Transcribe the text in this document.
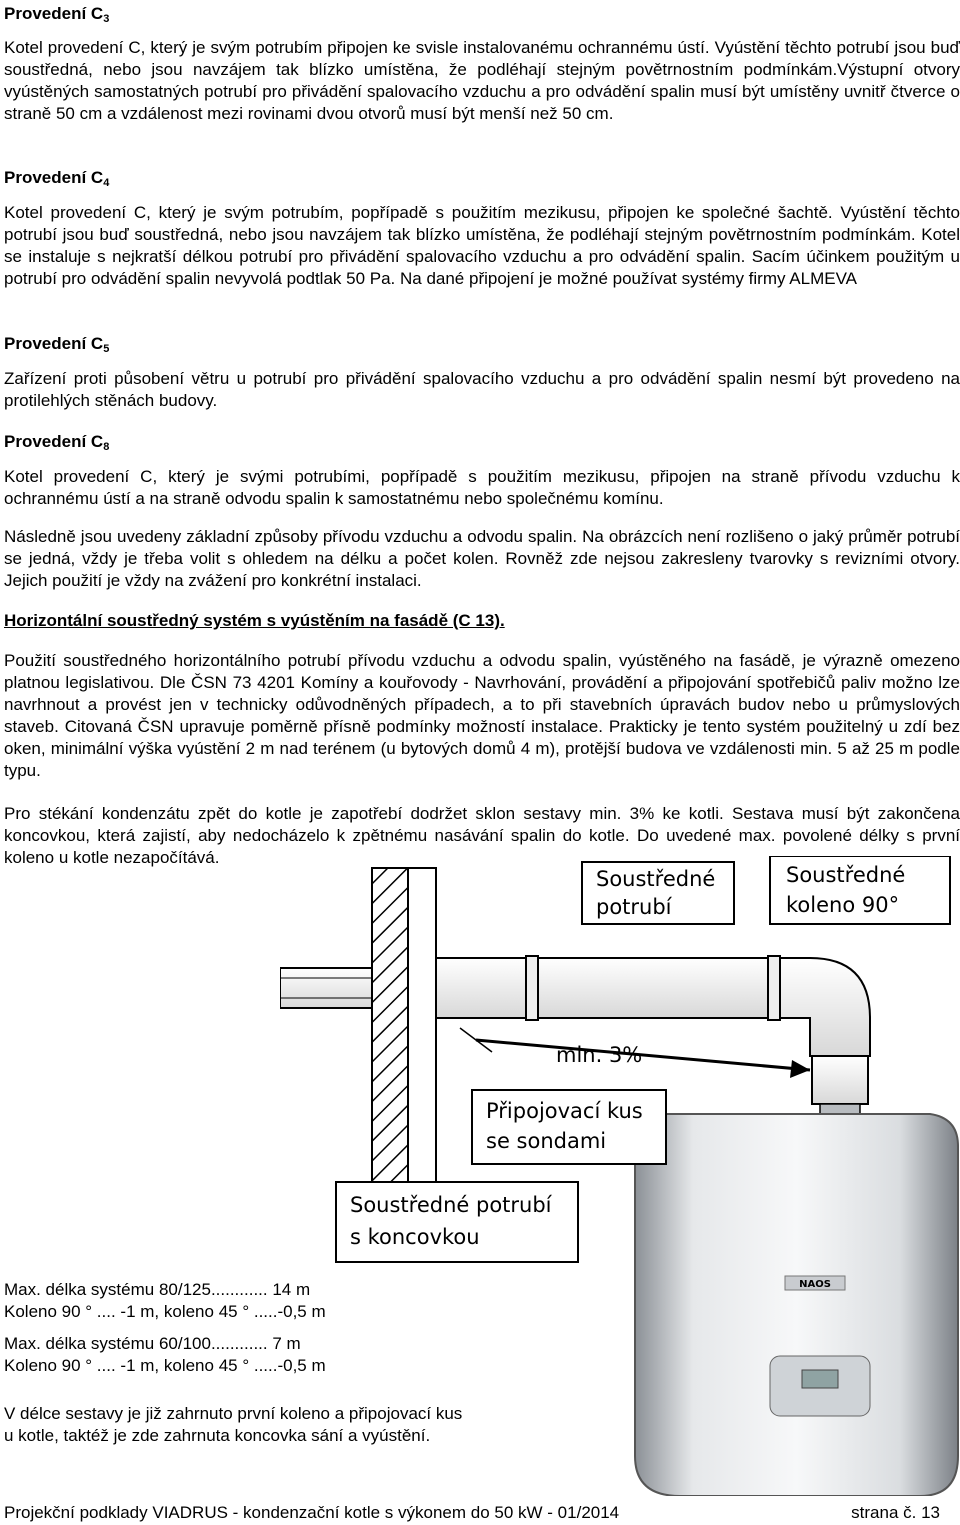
Provedení $C_3$
Kotel provedení C, který je svým potrubím připojen ke svisle instalovanému ochrannému ústí. Vyústění těchto potrubí jsou buď soustředná, nebo jsou navzájem tak blízko umístěna, že podléhají stejným povětrnostním podmínkám.Výstupní otvory vyústěných samostatných potrubí pro přivádění spalovacího vzduchu a pro odvádění spalin musí být umístěny uvnitř čtverce o straně 50 cm a vzdálenost mezi rovinami dvou otvorů musí být menší než 50 cm.
Provedení $C_4$
Kotel provedení C, který je svým potrubím, popřípadě s použitím mezikusu, připojen ke společné šachtě. Vyústění těchto potrubí jsou buď soustředná, nebo jsou navzájem tak blízko umístěna, že podléhají stejným povětrnostním podmínkám. Kotel se instaluje s nejkratší délkou potrubí pro přivádění spalovacího vzduchu a pro odvádění spalin. Sacím účinkem použitým u potrubí pro odvádění spalin nevyvolá podtlak 50 Pa. Na dané připojení je možné používat systémy firmy ALMEVA
Provedení $C_5$
Zařízení proti působení větru u potrubí pro přivádění spalovacího vzduchu a pro odvádění spalin nesmí být provedeno na protilehlých stěnách budovy.
Provedení $C_8$
Kotel provedení C, který je svými potrubími, popřípadě s použitím mezikusu, připojen na straně přívodu vzduchu k ochrannému ústí a na straně odvodu spalin k samostatnému nebo společnému komínu.
Následně jsou uvedeny základní způsoby přívodu vzduchu a odvodu spalin. Na obrázcích není rozlišeno o jaký průměr potrubí se jedná, vždy je třeba volit s ohledem na délku a počet kolen. Rovněž zde nejsou zakresleny tvarovky s revizními otvory. Jejich použití je vždy na zvážení pro konkrétní instalaci.
Horizontální soustředný systém s vyústěním na fasádě (C 13).
Použití soustředného horizontálního potrubí přívodu vzduchu a odvodu spalin, vyústěného na fasádě, je výrazně omezeno platnou legislativou. Dle ČSN 73 4201 Komíny a kouřovody - Navrhování, provádění a připojování spotřebičů paliv možno lze navrhnout a provést jen v technicky odůvodněných případech, a to při stavebních úpravách budov nebo u průmyslových staveb. Citovaná ČSN upravuje poměrně přísně podmínky možností instalace. Prakticky je tento systém použitelný u zdí bez oken, minimální výška vyústění 2 m nad terénem (u bytových domů 4 m), protější budova ve vzdálenosti min. 5 až 25 m podle typu.
Pro stékání kondenzátu zpět do kotle je zapotřebí dodržet sklon sestavy min. 3% ke kotli. Sestava musí být zakončena koncovkou, která zajistí, aby nedocházelo k zpětnému nasávání spalin do kotle. Do uvedené max. povolené délky s první koleno u kotle nezapočítává.
NAOS
Soustředné
potrubí
Soustředné
koleno 90°
min. 3%
Připojovací kus
se sondami
Soustředné potrubí
s koncovkou
Max. délka systému 80/125............ 14 m
Koleno 90 ° .... -1 m, koleno 45 ° .....-0,5 m
Max. délka systému 60/100............ 7 m
Koleno 90 ° .... -1 m, koleno 45 ° .....-0,5 m
V délce sestavy je již zahrnuto první koleno a připojovací kus
u kotle, taktéž je zde zahrnuta koncovka sání a vyústění.
Projekční podklady VIADRUS - kondenzační kotle s výkonem do 50 kW - 01/2014	strana č. 13
